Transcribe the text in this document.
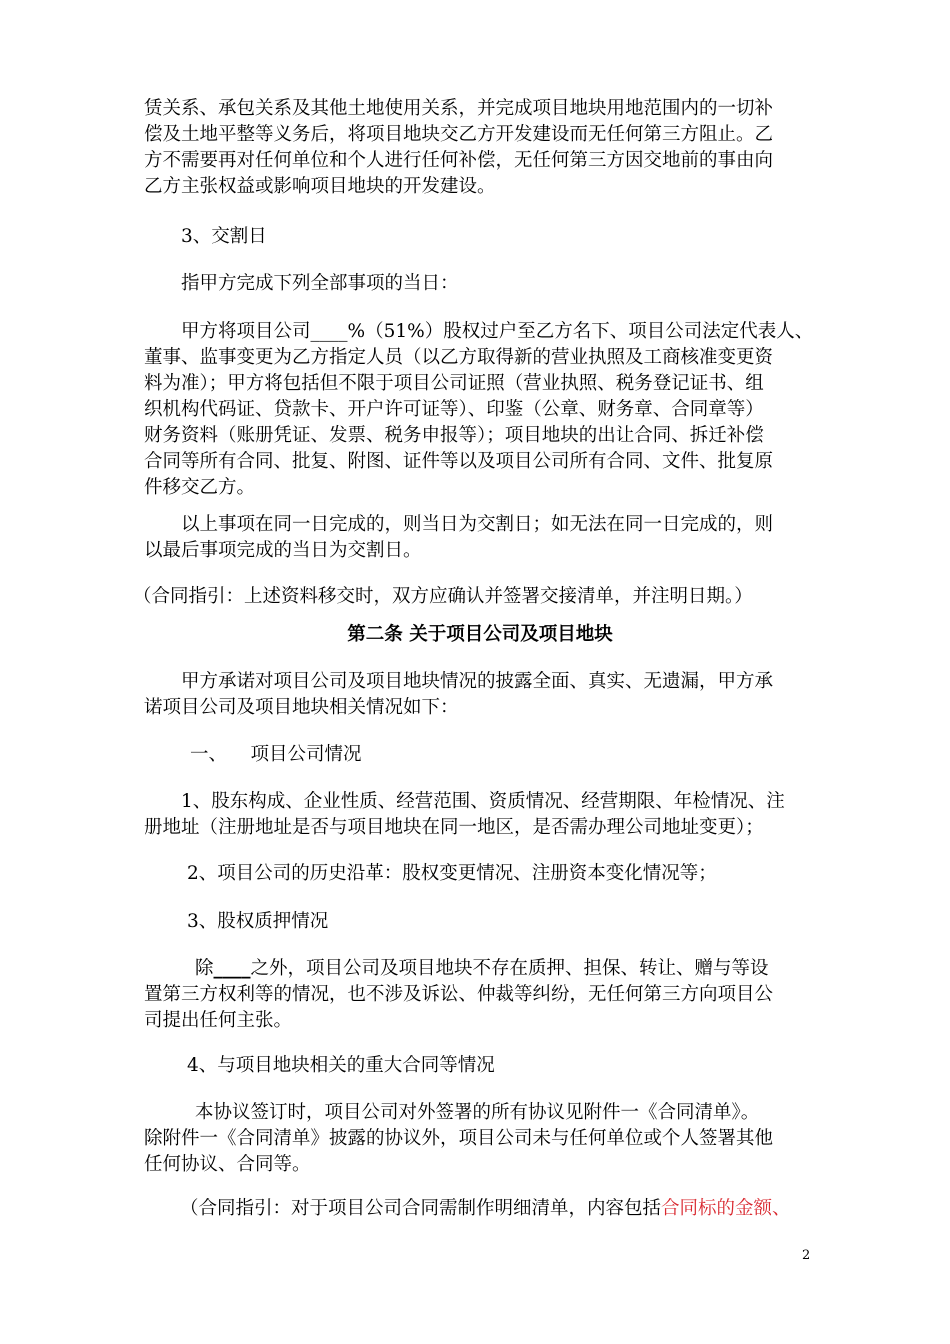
赁关系、承包关系及其他土地使用关系，并完成项目地块用地范围内的一切补
偿及土地平整等义务后，将项目地块交乙方开发建设而无任何第三方阻止。乙
方不需要再对任何单位和个人进行任何补偿，无任何第三方因交地前的事由向
乙方主张权益或影响项目地块的开发建设。
3、交割日
指甲方完成下列全部事项的当日：
甲方将项目公司____%（51%）股权过户至乙方名下、项目公司法定代表人、
董事、监事变更为乙方指定人员（以乙方取得新的营业执照及工商核准变更资
料为准）；甲方将包括但不限于项目公司证照（营业执照、税务登记证书、组
织机构代码证、贷款卡、开户许可证等）、印鉴（公章、财务章、合同章等）
财务资料（账册凭证、发票、税务申报等）；项目地块的出让合同、拆迁补偿
合同等所有合同、批复、附图、证件等以及项目公司所有合同、文件、批复原
件移交乙方。
以上事项在同一日完成的，则当日为交割日；如无法在同一日完成的，则
以最后事项完成的当日为交割日。
（合同指引：上述资料移交时，双方应确认并签署交接清单，并注明日期。）
第二条 关于项目公司及项目地块
甲方承诺对项目公司及项目地块情况的披露全面、真实、无遗漏，甲方承
诺项目公司及项目地块相关情况如下：
一、    项目公司情况
1、股东构成、企业性质、经营范围、资质情况、经营期限、年检情况、注
册地址（注册地址是否与项目地块在同一地区，是否需办理公司地址变更）；
2、项目公司的历史沿革：股权变更情况、注册资本变化情况等；
3、股权质押情况
除____之外，项目公司及项目地块不存在质押、担保、转让、赠与等设
置第三方权利等的情况，也不涉及诉讼、仲裁等纠纷，无任何第三方向项目公
司提出任何主张。
4、与项目地块相关的重大合同等情况
本协议签订时，项目公司对外签署的所有协议见附件一《合同清单》。
除附件一《合同清单》披露的协议外，项目公司未与任何单位或个人签署其他
任何协议、合同等。
（合同指引：对于项目公司合同需制作明细清单，内容包括合同标的金额、
2
